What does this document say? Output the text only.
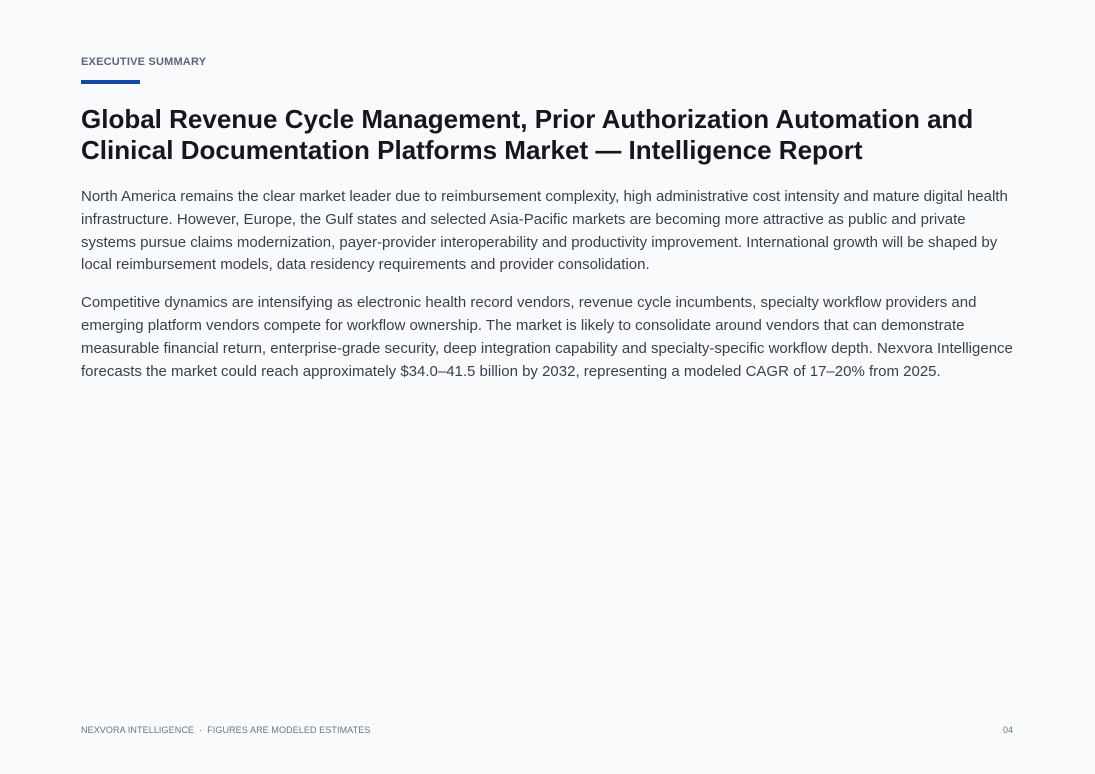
EXECUTIVE SUMMARY
Global Revenue Cycle Management, Prior Authorization Automation and Clinical Documentation Platforms Market — Intelligence Report

North America remains the clear market leader due to reimbursement complexity, high administrative cost intensity and mature digital health infrastructure. However, Europe, the Gulf states and selected Asia-Pacific markets are becoming more attractive as public and private systems pursue claims modernization, payer-provider interoperability and productivity improvement. International growth will be shaped by local reimbursement models, data residency requirements and provider consolidation.

Competitive dynamics are intensifying as electronic health record vendors, revenue cycle incumbents, specialty workflow providers and emerging platform vendors compete for workflow ownership. The market is likely to consolidate around vendors that can demonstrate measurable financial return, enterprise-grade security, deep integration capability and specialty-specific workflow depth. Nexvora Intelligence forecasts the market could reach approximately $34.0–41.5 billion by 2032, representing a modeled CAGR of 17–20% from 2025.

NEXVORA INTELLIGENCE · FIGURES ARE MODELED ESTIMATES	04
